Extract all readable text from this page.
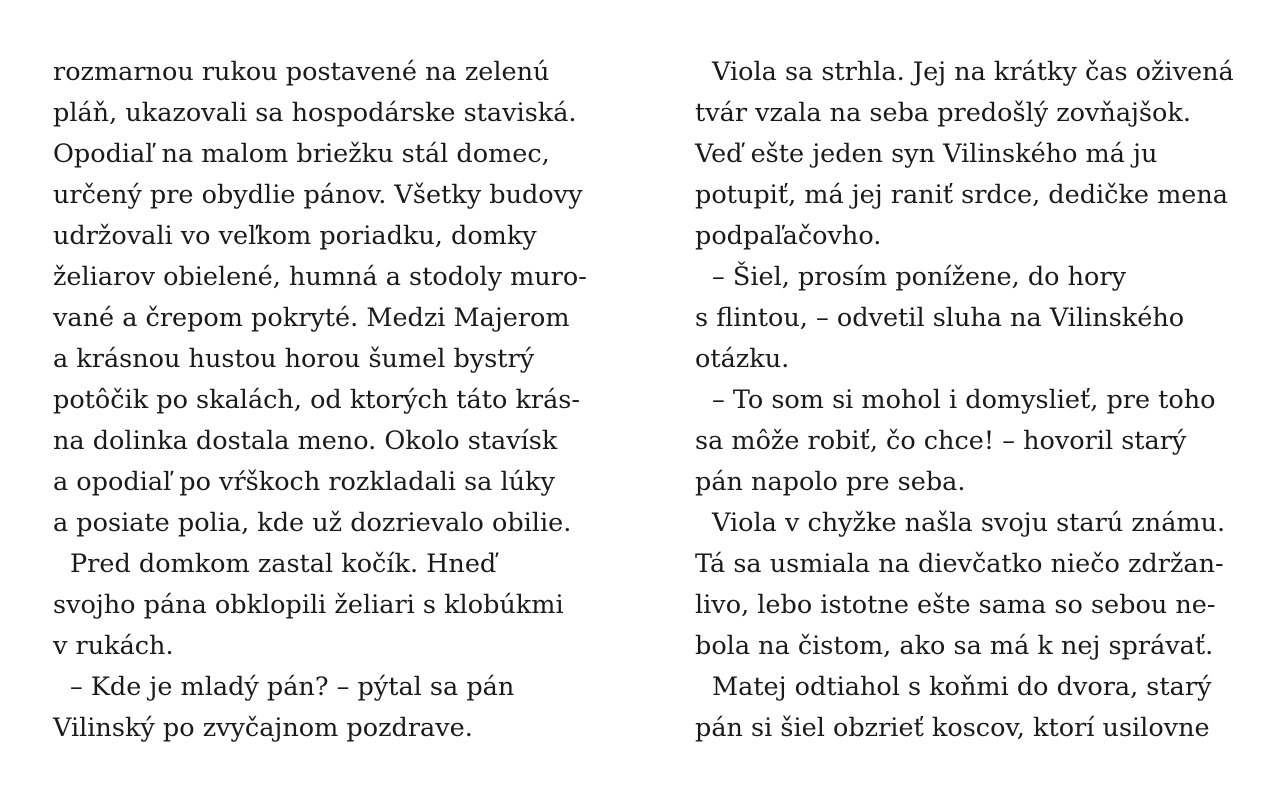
rozmarnou rukou postavené na zelenú
pláň, ukazovali sa hospodárske staviská.
Opodiaľ na malom briežku stál domec,
určený pre obydlie pánov. Všetky budovy
udržovali vo veľkom poriadku, domky
želiarov obielené, humná a stodoly muro-
vané a črepom pokryté. Medzi Majerom
a krásnou hustou horou šumel bystrý
potôčik po skalách, od ktorých táto krás-
na dolinka dostala meno. Okolo stavísk
a opodiaľ po vŕškoch rozkladali sa lúky
a posiate polia, kde už dozrievalo obilie.
Pred domkom zastal kočík. Hneď
svojho pána obklopili želiari s klobúkmi
v rukách.
– Kde je mladý pán? – pýtal sa pán
Vilinský po zvyčajnom pozdrave.
Viola sa strhla. Jej na krátky čas oživená
tvár vzala na seba predošlý zovňajšok.
Veď ešte jeden syn Vilinského má ju
potupiť, má jej raniť srdce, dedičke mena
podpaľačovho.
– Šiel, prosím ponížene, do hory
s flintou, – odvetil sluha na Vilinského
otázku.
– To som si mohol i domyslieť, pre toho
sa môže robiť, čo chce! – hovoril starý
pán napolo pre seba.
Viola v chyžke našla svoju starú známu.
Tá sa usmiala na dievčatko niečo zdržan-
livo, lebo istotne ešte sama so sebou ne-
bola na čistom, ako sa má k nej správať.
Matej odtiahol s koňmi do dvora, starý
pán si šiel obzrieť koscov, ktorí usilovne
